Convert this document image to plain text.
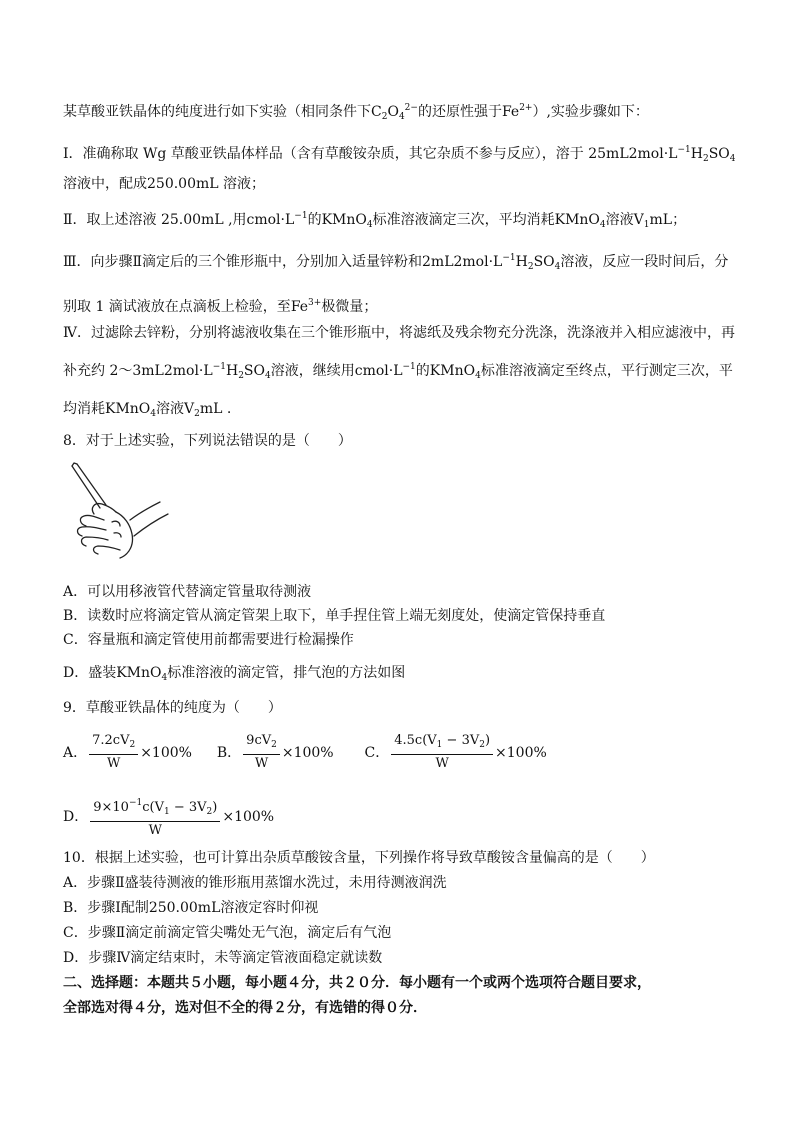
某草酸亚铁晶体的纯度进行如下实验（相同条件下$C_2O_4^{2-}$的还原性强于$Fe^{2+}$）,实验步骤如下：
Ⅰ．准确称取 Wg 草酸亚铁晶体样品（含有草酸铵杂质，其它杂质不参与反应），溶于 $25mL2mol\cdot L^{-1}H_2SO_4$
溶液中，配成250.00mL 溶液；
Ⅱ．取上述溶液 25.00mL ,用$cmol\cdot L^{-1}$的KMnO$_4$标准溶液滴定三次，平均消耗KMnO$_4$溶液$V_1mL$；
Ⅲ．向步骤Ⅱ滴定后的三个锥形瓶中，分别加入适量锌粉和$2mL2mol\cdot L^{-1}H_2SO_4$溶液，反应一段时间后，分
别取 1 滴试液放在点滴板上检验，至$Fe^{3+}$极微量；
Ⅳ．过滤除去锌粉，分别将滤液收集在三个锥形瓶中，将滤纸及残余物充分洗涤，洗涤液并入相应滤液中，再
补充约 $2\sim 3mL2mol\cdot L^{-1}H_2SO_4$溶液，继续用$cmol\cdot L^{-1}$的KMnO$_4$标准溶液滴定至终点，平行测定三次，平
均消耗KMnO$_4$溶液$V_2mL$ .
8．对于上述实验，下列说法错误的是（　　）
A．可以用移液管代替滴定管量取待测液
B．读数时应将滴定管从滴定管架上取下，单手捏住管上端无刻度处，使滴定管保持垂直
C．容量瓶和滴定管使用前都需要进行检漏操作
D．盛装KMnO$_4$标准溶液的滴定管，排气泡的方法如图
9．草酸亚铁晶体的纯度为（　　）
A． $\frac{7.2cV_2}{W} \times 100\%$ B． $\frac{9cV_2}{W} \times 100\%$ C． $\frac{4.5c(V_1 - 3V_2)}{W} \times 100\%$
D． $\frac{9\times 10^{-1}c(V_1 - 3V_2)}{W} \times 100\%$
10．根据上述实验，也可计算出杂质草酸铵含量，下列操作将导致草酸铵含量偏高的是（　　）
A．步骤Ⅱ盛装待测液的锥形瓶用蒸馏水洗过，未用待测液润洗
B．步骤Ⅰ配制250.00mL溶液定容时仰视
C．步骤Ⅱ滴定前滴定管尖嘴处无气泡，滴定后有气泡
D．步骤Ⅳ滴定结束时，未等滴定管液面稳定就读数
二、选择题：本题共５小题，每小题４分，共２０分．每小题有一个或两个选项符合题目要求，
全部选对得４分，选对但不全的得２分，有选错的得０分．
